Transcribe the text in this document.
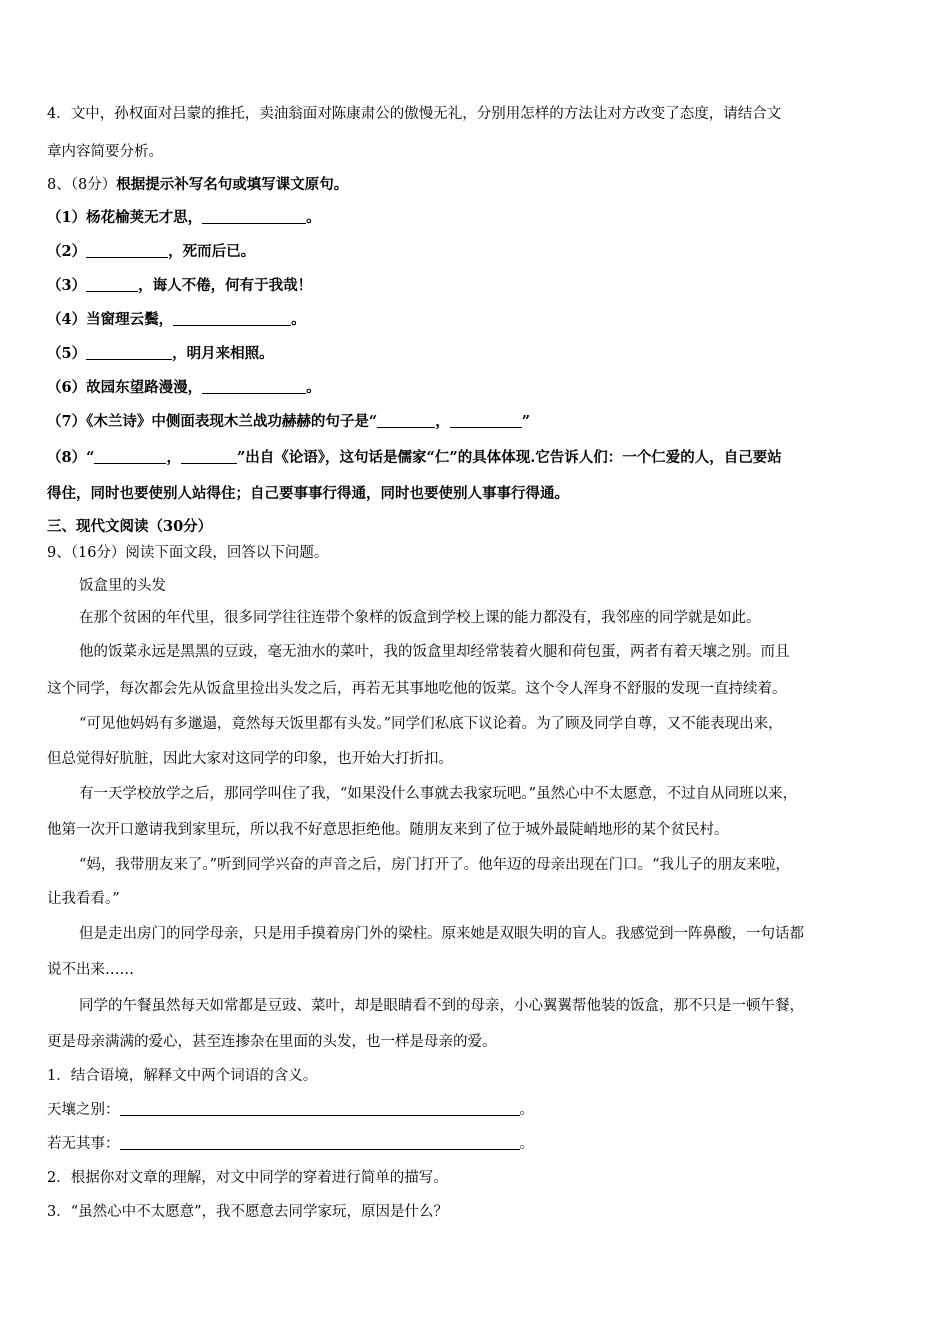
4．文中，孙权面对吕蒙的推托，卖油翁面对陈康肃公的傲慢无礼，分别用怎样的方法让对方改变了态度，请结合文
章内容简要分析。
8、（8分）根据提示补写名句或填写课文原句。
（1）杨花榆荚无才思，	。
（2）	，死而后已。
（3）	，诲人不倦，何有于我哉！
（4）当窗理云鬓，	。
（5）	，明月来相照。
（6）故园东望路漫漫，	。
（7）《木兰诗》中侧面表现木兰战功赫赫的句子是“	，	”
（8）“	，	”出自《论语》，这句话是儒家“仁”的具体体现.它告诉人们：一个仁爱的人，自己要站
得住，同时也要使别人站得住；自己要事事行得通，同时也要使别人事事行得通。
三、现代文阅读（30分）
9、（16分）阅读下面文段，回答以下问题。
饭盒里的头发
在那个贫困的年代里，很多同学往往连带个象样的饭盒到学校上课的能力都没有，我邻座的同学就是如此。
他的饭菜永远是黑黑的豆豉，毫无油水的菜叶，我的饭盒里却经常装着火腿和荷包蛋，两者有着天壤之别。而且
这个同学，每次都会先从饭盒里捡出头发之后，再若无其事地吃他的饭菜。这个令人浑身不舒服的发现一直持续着。
“可见他妈妈有多邋遢，竟然每天饭里都有头发。”同学们私底下议论着。为了顾及同学自尊，又不能表现出来，
但总觉得好肮脏，因此大家对这同学的印象，也开始大打折扣。
有一天学校放学之后，那同学叫住了我，“如果没什么事就去我家玩吧。”虽然心中不太愿意，不过自从同班以来，
他第一次开口邀请我到家里玩，所以我不好意思拒绝他。随朋友来到了位于城外最陡峭地形的某个贫民村。
“妈，我带朋友来了。”听到同学兴奋的声音之后，房门打开了。他年迈的母亲出现在门口。“我儿子的朋友来啦，
让我看看。”
但是走出房门的同学母亲，只是用手摸着房门外的梁柱。原来她是双眼失明的盲人。我感觉到一阵鼻酸，一句话都
说不出来……
同学的午餐虽然每天如常都是豆豉、菜叶，却是眼睛看不到的母亲，小心翼翼帮他装的饭盒，那不只是一顿午餐，
更是母亲满满的爱心，甚至连掺杂在里面的头发，也一样是母亲的爱。
1．结合语境，解释文中两个词语的含义。
天壤之别：	。
若无其事：	。
2．根据你对文章的理解，对文中同学的穿着进行简单的描写。
3．“虽然心中不太愿意”，我不愿意去同学家玩，原因是什么？
